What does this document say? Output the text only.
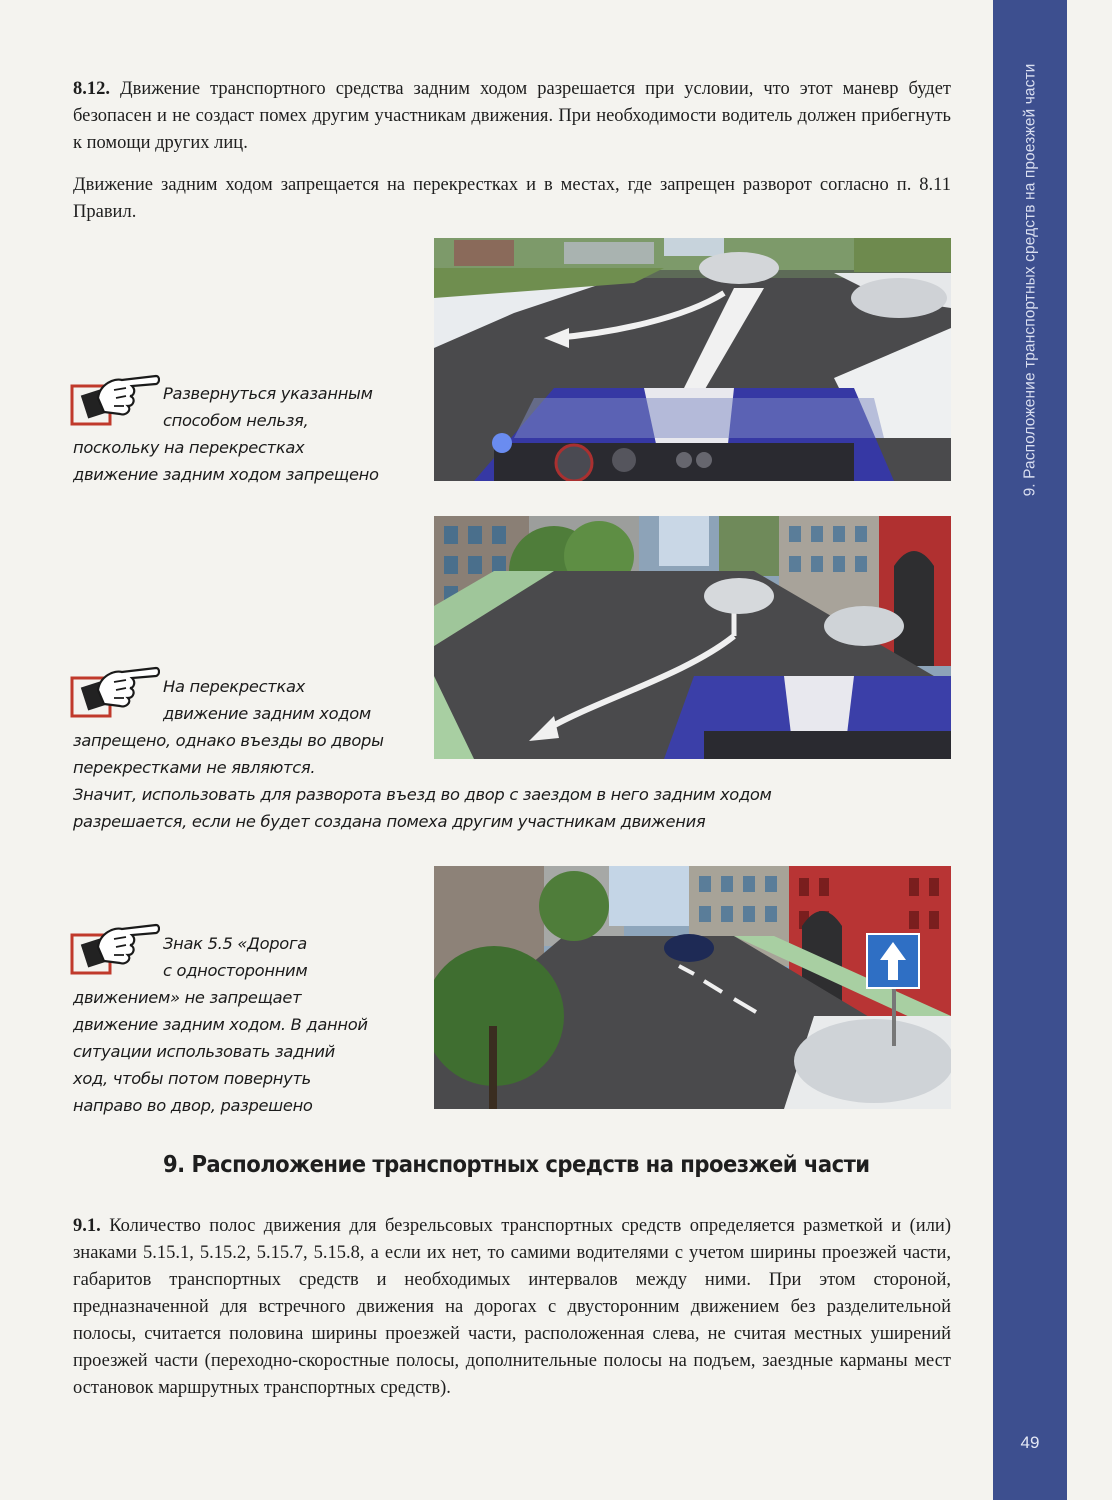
9. Расположение транспортных средств на проезжей части
49
8.12. Движение транспортного средства задним ходом разрешается при условии, что этот маневр будет безопасен и не создаст помех другим участникам движения. При необходимости водитель должен прибегнуть к помощи других лиц.
Движение задним ходом запрещается на перекрестках и в местах, где запрещен разворот согласно п. 8.11 Правил.
Развернуться указанным
способом нельзя,
поскольку на перекрестках
движение задним ходом запрещено
На перекрестках
движение задним ходом
запрещено, однако въезды во дворы
перекрестками не являются.
Значит, использовать для разворота въезд во двор с заездом в него задним ходом
разрешается, если не будет создана помеха другим участникам движения
Знак 5.5 «Дорога
с односторонним
движением» не запрещает
движение задним ходом. В данной
ситуации использовать задний
ход, чтобы потом повернуть
направо во двор, разрешено
9. Расположение транспортных средств на проезжей части
9.1. Количество полос движения для безрельсовых транспортных средств определяется разметкой и (или) знаками 5.15.1, 5.15.2, 5.15.7, 5.15.8, а если их нет, то самими водителями с учетом ширины проезжей части, габаритов транспортных средств и необходимых интервалов между ними. При этом стороной, предназначенной для встречного движения на дорогах с двусторонним движением без разделительной полосы, считается половина ширины проезжей части, расположенная слева, не считая местных уширений проезжей части (переходно-скоростные полосы, дополнительные полосы на подъем, заездные карманы мест остановок маршрутных транспортных средств).
